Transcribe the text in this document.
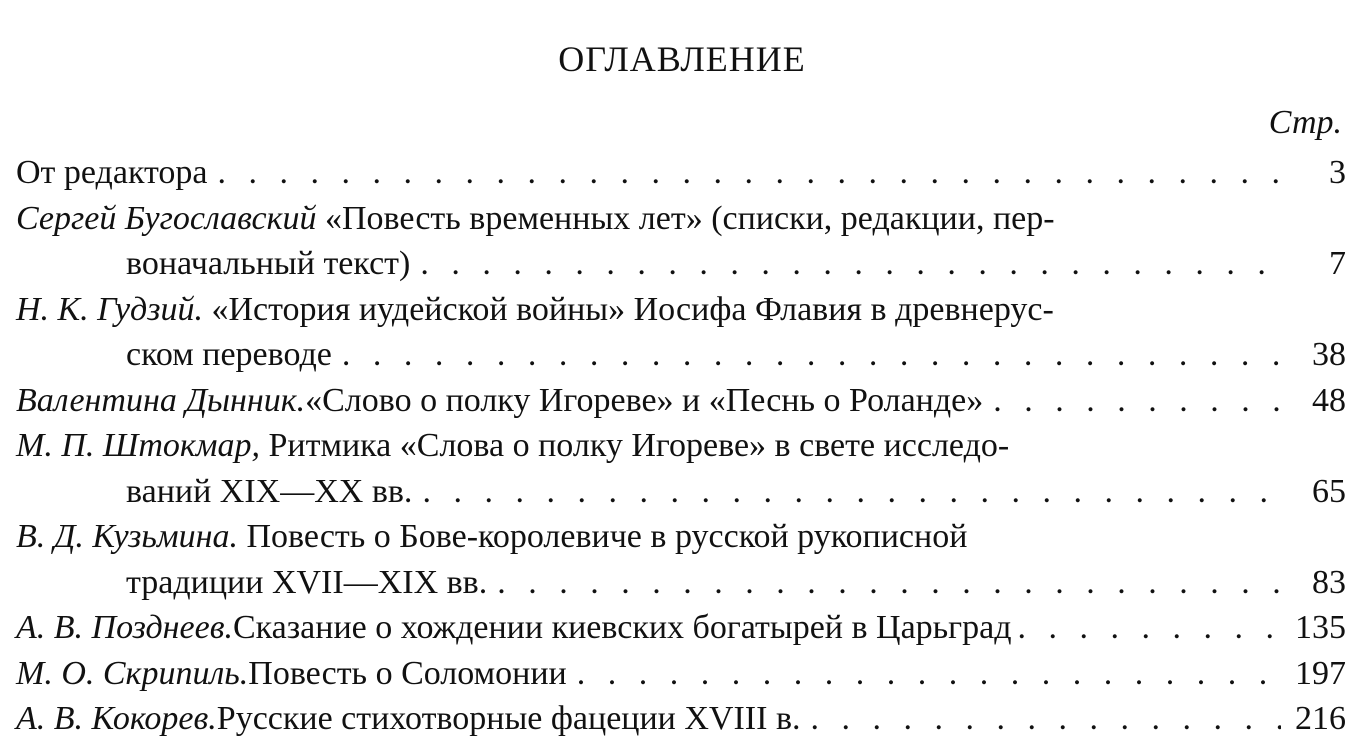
ОГЛАВЛЕНИЕ
Стр.
От редактора . . .	3
Сергей Бугославский «Повесть временных лет» (списки, редакции, пер-
воначальный текст) . . .	7
Н. К. Гудзий. «История иудейской войны» Иосифа Флавия в древнерус-
ском переводе . . .	38
Валентина Дынник. «Слово о полку Игореве» и «Песнь о Роланде» . . .	48
М. П. Штокмар, Ритмика «Слова о полку Игореве» в свете исследо-
ваний XIX—XX вв. . . .	65
В. Д. Кузьмина. Повесть о Бове-королевиче в русской рукописной
традиции XVII—XIX вв. . . .	83
А. В. Позднеев. Сказание о хождении киевских богатырей в Царьград . . .	135
М. О. Скрипиль. Повесть о Соломонии . . .	197
А. В. Кокорев. Русские стихотворные фацеции XVIII в. . . .	216
